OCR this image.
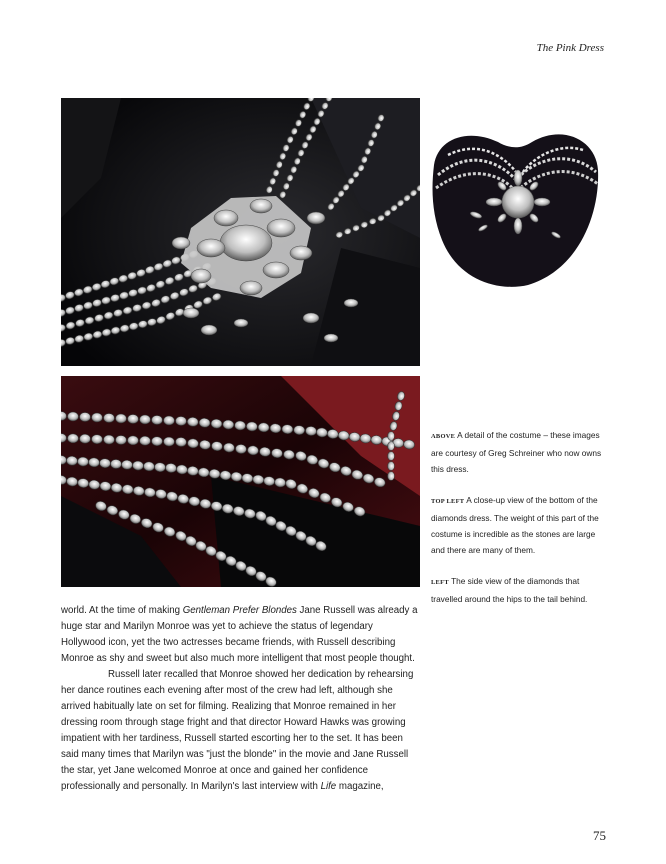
The Pink Dress

ABOVE A detail of the costume – these images are courtesy of Greg Schreiner who now owns this dress.

TOP LEFT A close-up view of the bottom of the diamonds dress. The weight of this part of the costume is incredible as the stones are large and there are many of them.

LEFT The side view of the diamonds that travelled around the hips to the tail behind.

world. At the time of making Gentleman Prefer Blondes Jane Russell was already a huge star and Marilyn Monroe was yet to achieve the status of legendary Hollywood icon, yet the two actresses became friends, with Russell describing Monroe as shy and sweet but also much more intelligent that most people thought.

Russell later recalled that Monroe showed her dedication by rehearsing her dance routines each evening after most of the crew had left, although she arrived habitually late on set for filming. Realizing that Monroe remained in her dressing room through stage fright and that director Howard Hawks was growing impatient with her tardiness, Russell started escorting her to the set. It has been said many times that Marilyn was "just the blonde" in the movie and Jane Russell the star, yet Jane welcomed Monroe at once and gained her confidence professionally and personally. In Marilyn's last interview with Life magazine,

75
